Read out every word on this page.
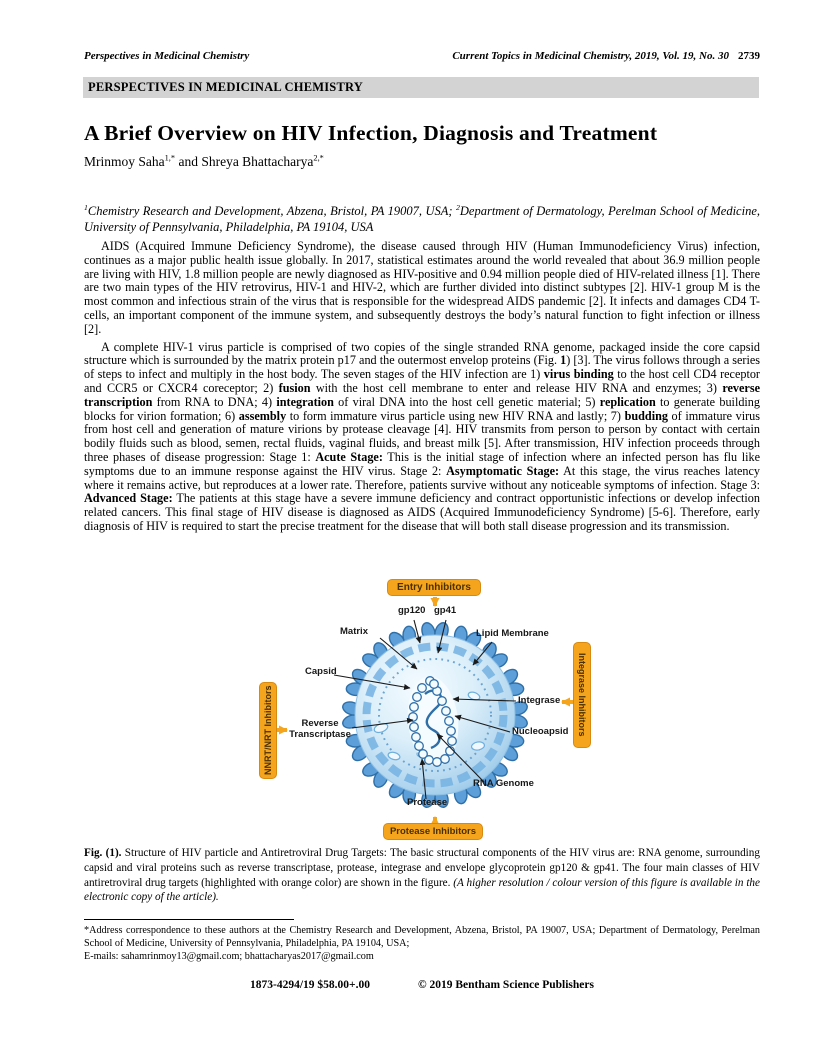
Perspectives in Medicinal Chemistry	Current Topics in Medicinal Chemistry, 2019, Vol. 19, No. 30 2739
PERSPECTIVES IN MEDICINAL CHEMISTRY
A Brief Overview on HIV Infection, Diagnosis and Treatment

Mrinmoy Saha$^{1,*}$ and Shreya Bhattacharya$^{2,*}$

$^1$Chemistry Research and Development, Abzena, Bristol, PA 19007, USA; $^2$Department of Dermatology, Perelman School of Medicine, University of Pennsylvania, Philadelphia, PA 19104, USA

AIDS (Acquired Immune Deficiency Syndrome), the disease caused through HIV (Human Immunodeficiency Virus) infection, continues as a major public health issue globally. In 2017, statistical estimates around the world revealed that about 36.9 million people are living with HIV, 1.8 million people are newly diagnosed as HIV-positive and 0.94 million people died of HIV-related illness [1]. There are two main types of the HIV retrovirus, HIV-1 and HIV-2, which are further divided into distinct subtypes [2]. HIV-1 group M is the most common and infectious strain of the virus that is responsible for the widespread AIDS pandemic [2]. It infects and damages CD4 T-cells, an important component of the immune system, and subsequently destroys the body’s natural function to fight infection or illness [2].

A complete HIV-1 virus particle is comprised of two copies of the single stranded RNA genome, packaged inside the core capsid structure which is surrounded by the matrix protein p17 and the outermost envelop proteins (Fig. 1) [3]. The virus follows through a series of steps to infect and multiply in the host body. The seven stages of the HIV infection are 1) virus binding to the host cell CD4 receptor and CCR5 or CXCR4 coreceptor; 2) fusion with the host cell membrane to enter and release HIV RNA and enzymes; 3) reverse transcription from RNA to DNA; 4) integration of viral DNA into the host cell genetic material; 5) replication to generate building blocks for virion formation; 6) assembly to form immature virus particle using new HIV RNA and lastly; 7) budding of immature virus from host cell and generation of mature virions by protease cleavage [4]. HIV transmits from person to person by contact with certain bodily fluids such as blood, semen, rectal fluids, vaginal fluids, and breast milk [5]. After transmission, HIV infection proceeds through three phases of disease progression: Stage 1: Acute Stage: This is the initial stage of infection where an infected person has flu like symptoms due to an immune response against the HIV virus. Stage 2: Asymptomatic Stage: At this stage, the virus reaches latency where it remains active, but reproduces at a lower rate. Therefore, patients survive without any noticeable symptoms of infection. Stage 3: Advanced Stage: The patients at this stage have a severe immune deficiency and contract opportunistic infections or develop infection related cancers. This final stage of HIV disease is diagnosed as AIDS (Acquired Immunodeficiency Syndrome) [5-6]. Therefore, early diagnosis of HIV is required to start the precise treatment for the disease that will both stall disease progression and its transmission.

Entry Inhibitors
Protease Inhibitors
NNRT/NRT Inhibitors	Integrase Inhibitors
gp120 gp41
Matrix	Lipid Membrane
Capsid
Integrase
Reverse Transcriptase	Nucleoapsid
RNA Genome
Protease

Fig. (1). Structure of HIV particle and Antiretroviral Drug Targets: The basic structural components of the HIV virus are: RNA genome, surrounding capsid and viral proteins such as reverse transcriptase, protease, integrase and envelope glycoprotein gp120 & gp41. The four main classes of HIV antiretroviral drug targets (highlighted with orange color) are shown in the figure. (A higher resolution / colour version of this figure is available in the electronic copy of the article).

*Address correspondence to these authors at the Chemistry Research and Development, Abzena, Bristol, PA 19007, USA; Department of Dermatology, Perelman School of Medicine, University of Pennsylvania, Philadelphia, PA 19104, USA;
E-mails: sahamrinmoy13@gmail.com; bhattacharyas2017@gmail.com
1873-4294/19 $58.00+.00	© 2019 Bentham Science Publishers
